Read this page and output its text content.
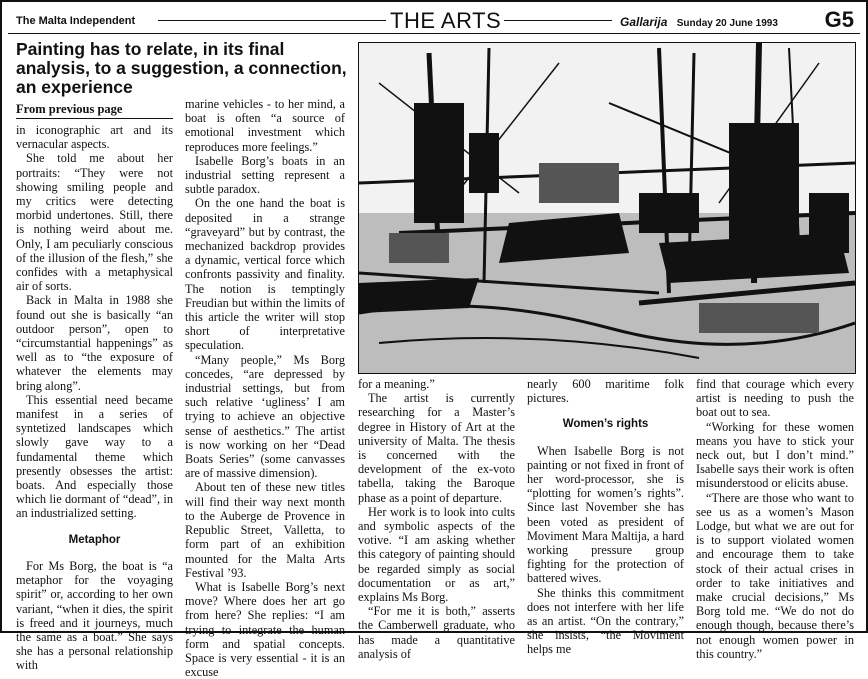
The Malta Independent	THE ARTS	Gallarija Sunday 20 June 1993 G5
Painting has to relate, in its final analysis, to a suggestion, a connection, an experience
From previous page

in iconographic art and its vernacular aspects.

She told me about her portraits: “They were not showing smiling people and my critics were detecting morbid undertones. Still, there is nothing weird about me. Only, I am peculiarly conscious of the illusion of the flesh,” she confides with a metaphysical air of sorts.

Back in Malta in 1988 she found out she is basically “an outdoor person”, open to “circumstantial happenings” as well as to “the exposure of whatever the elements may bring along”.

This essential need became manifest in a series of syntetized landscapes which slowly gave way to a fundamental theme which presently obsesses the artist: boats. And especially those which lie dormant of “dead”, in an industrialized setting.

Metaphor

For Ms Borg, the boat is “a metaphor for the voyaging spirit” or, according to her own variant, “when it dies, the spirit is freed and it journeys, much the same as a boat.” She says she has a personal relationship with

marine vehicles - to her mind, a boat is often “a source of emotional investment which reproduces more feelings.”

Isabelle Borg’s boats in an industrial setting represent a subtle paradox.

On the one hand the boat is deposited in a strange “graveyard” but by contrast, the mechanized backdrop provides a dynamic, vertical force which confronts passivity and finality. The notion is temptingly Freudian but within the limits of this article the writer will stop short of interpretative speculation.

“Many people,” Ms Borg concedes, “are depressed by industrial settings, but from such relative ‘ugliness’ I am trying to achieve an objective sense of aesthetics.” The artist is now working on her “Dead Boats Series” (some canvasses are of massive dimension).

About ten of these new titles will find their way next month to the Auberge de Provence in Republic Street, Valletta, to form part of an exhibition mounted for the Malta Arts Festival ’93.

What is Isabelle Borg’s next move? Where does her art go from here? She replies: “I am trying to integrate the human form and spatial concepts. Space is very essential - it is an excuse

for a meaning.”

The artist is currently researching for a Master’s degree in History of Art at the university of Malta. The thesis is concerned with the development of the ex-voto tabella, taking the Baroque phase as a point of departure.

Her work is to look into cults and symbolic aspects of the votive. “I am asking whether this category of painting should be regarded simply as social documentation or as art,” explains Ms Borg.

“For me it is both,” asserts the Camberwell graduate, who has made a quantitative analysis of

nearly 600 maritime folk pictures.

Women’s rights

When Isabelle Borg is not painting or not fixed in front of her word-processor, she is “plotting for women’s rights”. Since last November she has been voted as president of Moviment Mara Maltija, a hard working pressure group fighting for the protection of battered wives.

She thinks this commitment does not interfere with her life as an artist. “On the contrary,” she insists, “the Moviment helps me

find that courage which every artist is needing to push the boat out to sea.

“Working for these women means you have to stick your neck out, but I don’t mind.” Isabelle says their work is often misunderstood or elicits abuse.

“There are those who want to see us as a women’s Mason Lodge, but what we are out for is to support violated women and encourage them to take stock of their actual crises in order to take initiatives and make crucial decisions,” Ms Borg told me. “We do not do enough though, because there’s not enough women power in this country.”
